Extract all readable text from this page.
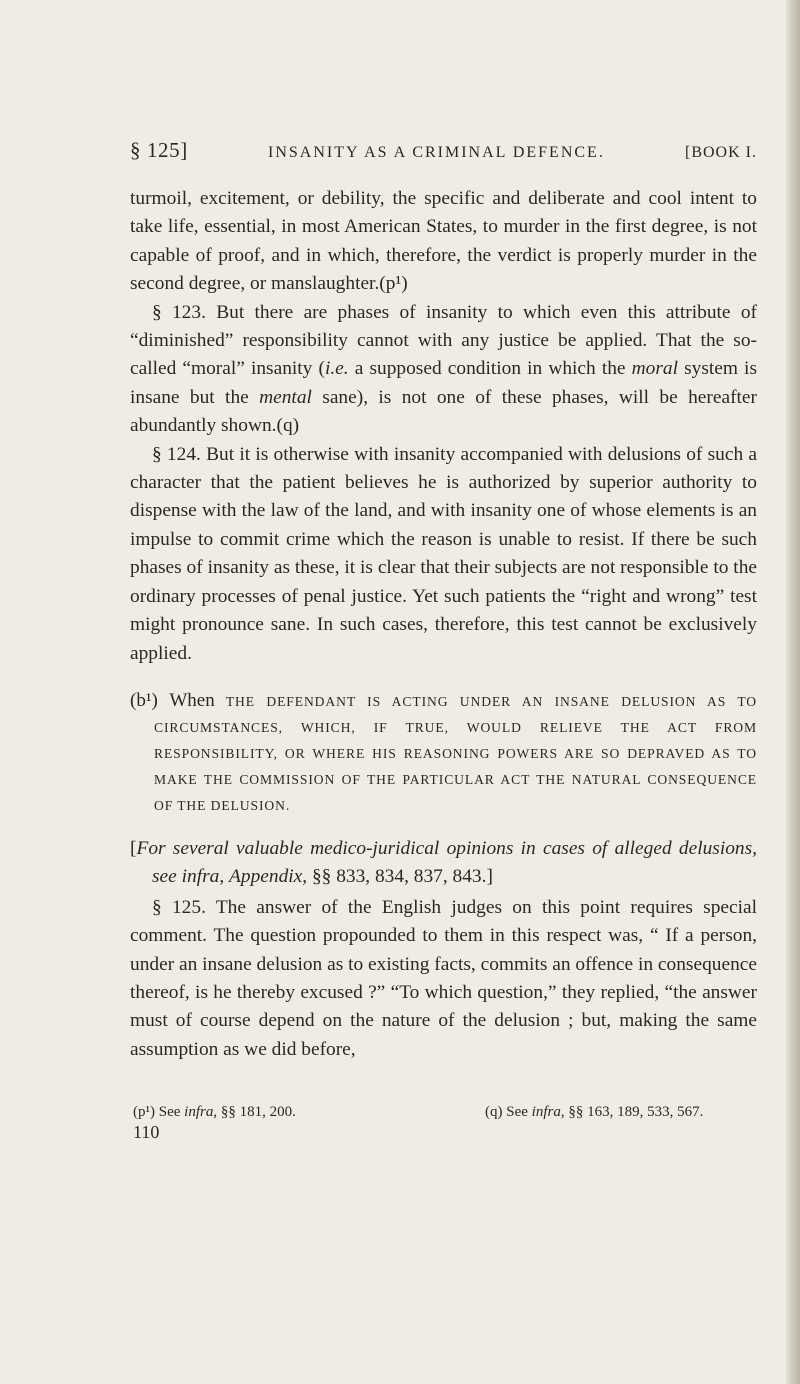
§ 125]	INSANITY AS A CRIMINAL DEFENCE.	[BOOK I.

turmoil, excitement, or debility, the specific and deliberate and cool intent to take life, essential, in most American States, to murder in the first degree, is not capable of proof, and in which, therefore, the verdict is properly murder in the second degree, or manslaughter.(p¹)

§ 123. But there are phases of insanity to which even this attribute of “diminished” responsibility cannot with any justice be applied. That the so-called “moral” insanity (i.e. a supposed condition in which the moral system is insane but the mental sane), is not one of these phases, will be hereafter abundantly shown.(q)

§ 124. But it is otherwise with insanity accompanied with delusions of such a character that the patient believes he is authorized by superior authority to dispense with the law of the land, and with insanity one of whose elements is an impulse to commit crime which the reason is unable to resist. If there be such phases of insanity as these, it is clear that their subjects are not responsible to the ordinary processes of penal justice. Yet such patients the “right and wrong” test might pronounce sane. In such cases, therefore, this test cannot be exclusively applied.

(b¹) When THE DEFENDANT IS ACTING UNDER AN INSANE DELUSION AS TO CIRCUMSTANCES, WHICH, IF TRUE, WOULD RELIEVE THE ACT FROM RESPONSIBILITY, OR WHERE HIS REASONING POWERS ARE SO DEPRAVED AS TO MAKE THE COMMISSION OF THE PARTICULAR ACT THE NATURAL CONSEQUENCE OF THE DELUSION.
[For several valuable medico-juridical opinions in cases of alleged delusions, see infra, Appendix, §§ 833, 834, 837, 843.]

§ 125. The answer of the English judges on this point requires special comment. The question propounded to them in this respect was, “ If a person, under an insane delusion as to existing facts, commits an offence in consequence thereof, is he thereby excused ?” “To which question,” they replied, “the answer must of course depend on the nature of the delusion ; but, making the same assumption as we did before,

(p¹) See infra, §§ 181, 200.	(q) See infra, §§ 163, 189, 533, 567.
110
